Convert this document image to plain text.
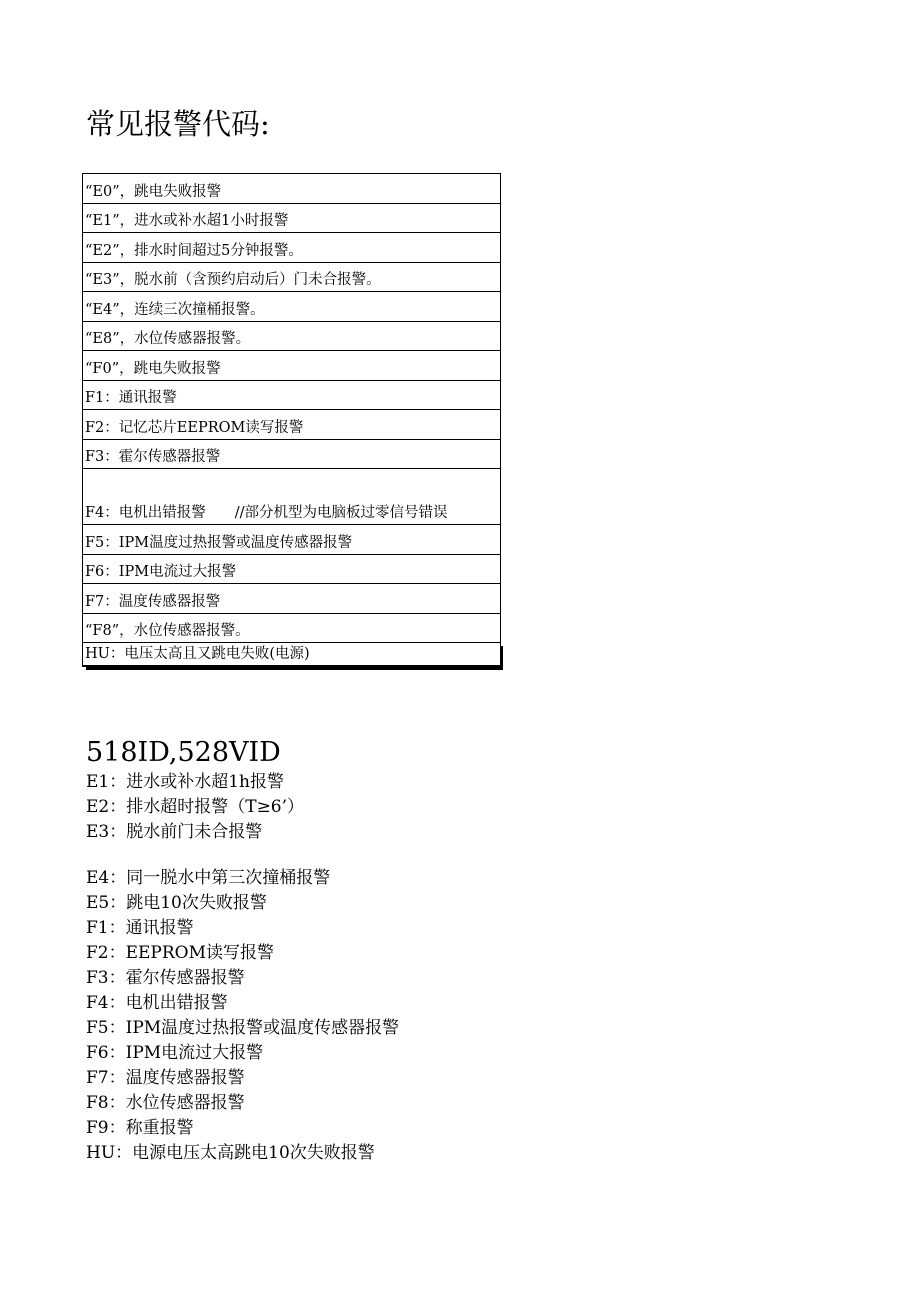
常见报警代码:
“E0”，跳电失败报警
“E1”，进水或补水超1小时报警
“E2”，排水时间超过5分钟报警。
“E3”，脱水前（含预约启动后）门未合报警。
“E4”，连续三次撞桶报警。
“E8”，水位传感器报警。
“F0”，跳电失败报警
F1：通讯报警
F2：记忆芯片EEPROM读写报警
F3：霍尔传感器报警
F4：电机出错报警　　//部分机型为电脑板过零信号错误
F5：IPM温度过热报警或温度传感器报警
F6：IPM电流过大报警
F7：温度传感器报警
“F8”，水位传感器报警。
HU：电压太高且又跳电失败(电源)
518ID,528VID
E1：进水或补水超1h报警
E2：排水超时报警（T≥6’）
E3：脱水前门未合报警
E4：同一脱水中第三次撞桶报警
E5：跳电10次失败报警
F1：通讯报警
F2：EEPROM读写报警
F3：霍尔传感器报警
F4：电机出错报警
F5：IPM温度过热报警或温度传感器报警
F6：IPM电流过大报警
F7：温度传感器报警
F8：水位传感器报警
F9：称重报警
HU：电源电压太高跳电10次失败报警
